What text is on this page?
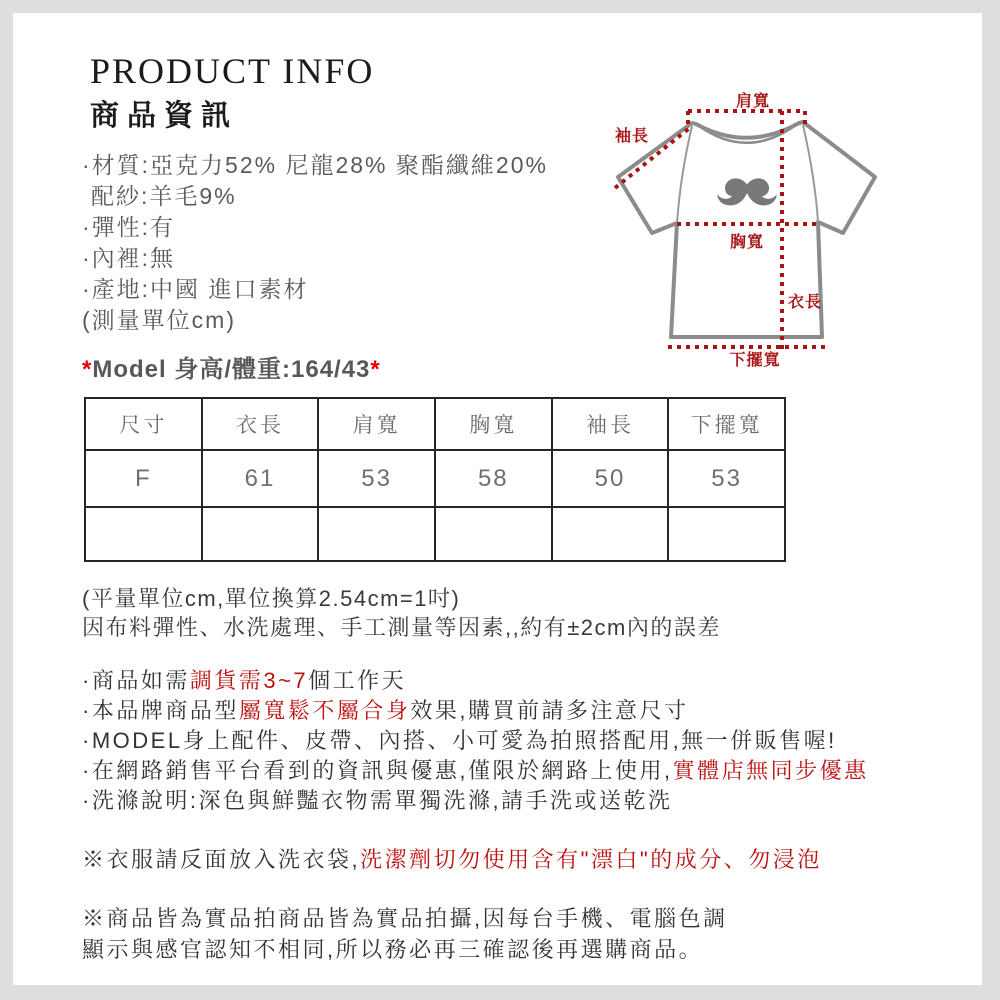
PRODUCT INFO
商品資訊
·材質:亞克力52% 尼龍28% 聚酯纖維20%
配紗:羊毛9%
·彈性:有
·內裡:無
·產地:中國 進口素材
(測量單位cm)
*Model 身高/體重:164/43*
肩寬
袖長
胸寬
衣長
下擺寬
尺寸	衣長	肩寬	胸寬	袖長	下擺寬
F	61	53	58	50	53

(平量單位cm,單位換算2.54cm=1吋)
因布料彈性、水洗處理、手工測量等因素,,約有±2cm內的誤差
·商品如需調貨需3~7個工作天
·本品牌商品型屬寬鬆不屬合身效果,購買前請多注意尺寸
·MODEL身上配件、皮帶、內搭、小可愛為拍照搭配用,無一併販售喔!
·在網路銷售平台看到的資訊與優惠,僅限於網路上使用,實體店無同步優惠
·洗滌說明:深色與鮮豔衣物需單獨洗滌,請手洗或送乾洗
※衣服請反面放入洗衣袋,洗潔劑切勿使用含有"漂白"的成分、勿浸泡
※商品皆為實品拍商品皆為實品拍攝,因每台手機、電腦色調
顯示與感官認知不相同,所以務必再三確認後再選購商品。
